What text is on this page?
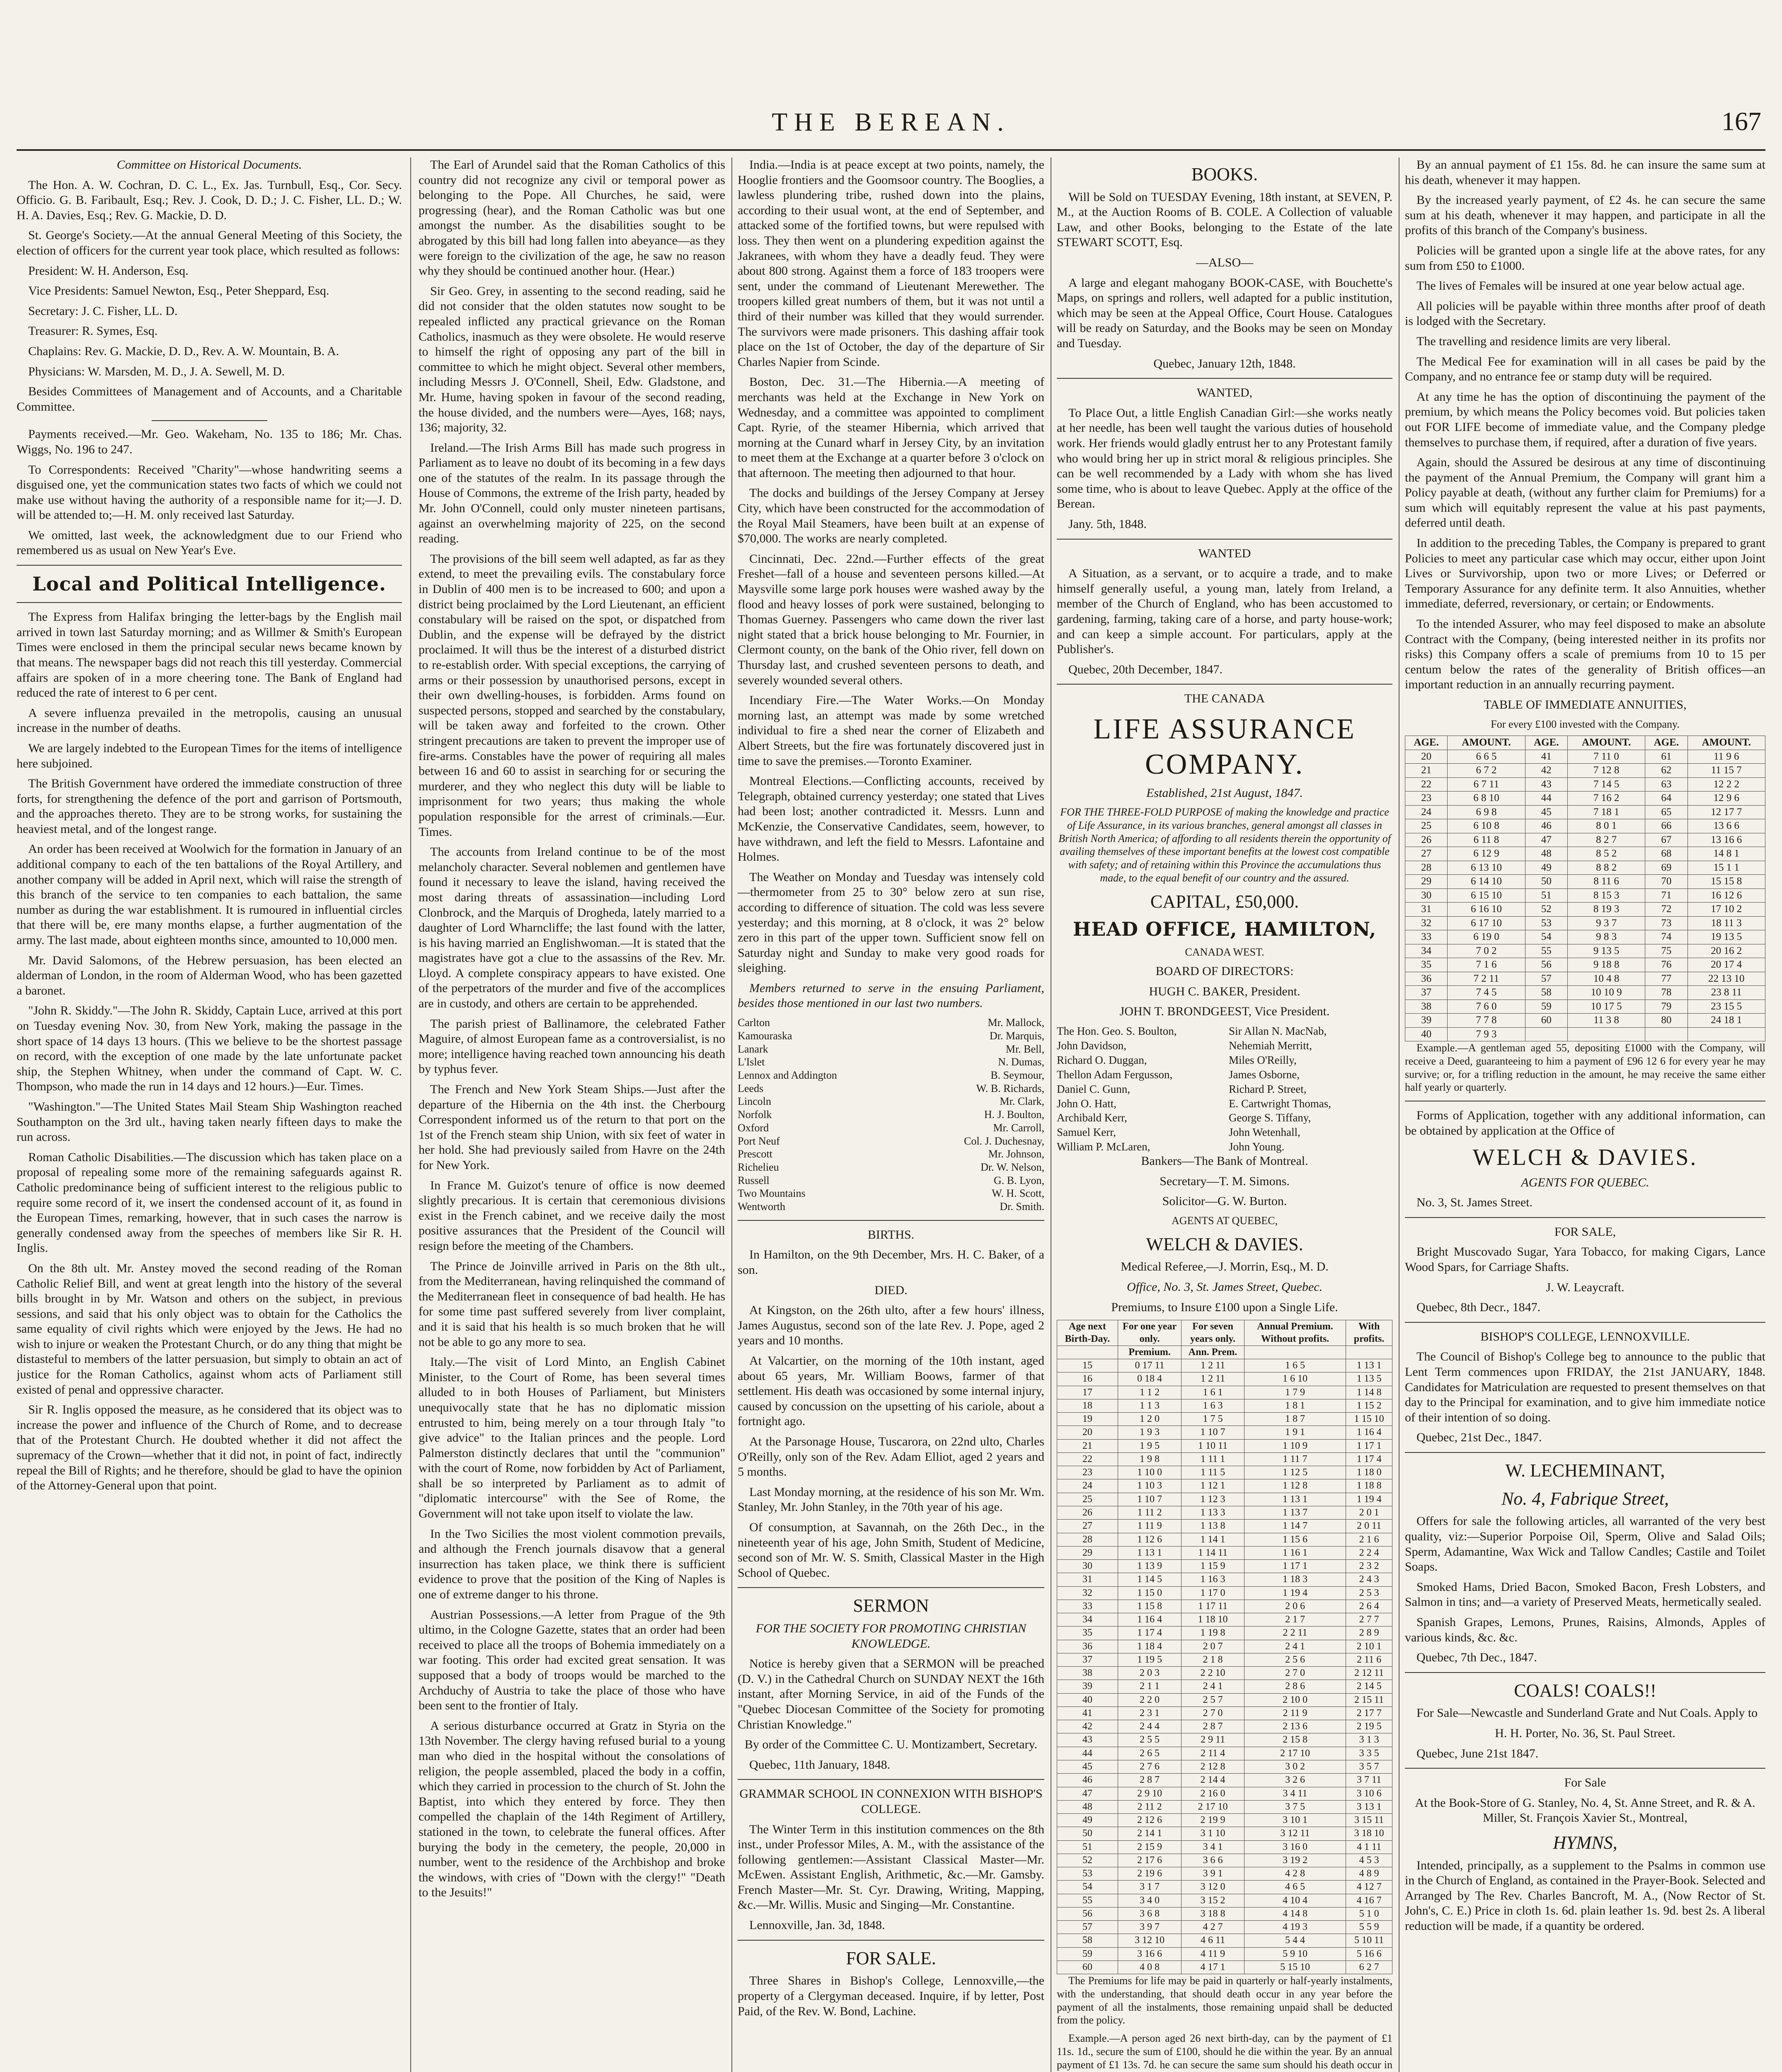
THE BEREAN.	167

Committee on Historical Documents.

The Hon. A. W. Cochran, D. C. L., Ex. Jas. Turnbull, Esq., Cor. Secy. Officio. G. B. Faribault, Esq.; Rev. J. Cook, D. D.; J. C. Fisher, LL. D.; W. H. A. Davies, Esq.; Rev. G. Mackie, D. D.

St. George's Society.—At the annual General Meeting of this Society, the election of officers for the current year took place, which resulted as follows:

President: W. H. Anderson, Esq.

Vice Presidents: Samuel Newton, Esq., Peter Sheppard, Esq.

Secretary: J. C. Fisher, LL. D.

Treasurer: R. Symes, Esq.

Chaplains: Rev. G. Mackie, D. D., Rev. A. W. Mountain, B. A.

Physicians: W. Marsden, M. D., J. A. Sewell, M. D.

Besides Committees of Management and of Accounts, and a Charitable Committee.

Payments received.—Mr. Geo. Wakeham, No. 135 to 186; Mr. Chas. Wiggs, No. 196 to 247.

To Correspondents: Received "Charity"—whose handwriting seems a disguised one, yet the communication states two facts of which we could not make use without having the authority of a responsible name for it;—J. D. will be attended to;—H. M. only received last Saturday.

We omitted, last week, the acknowledgment due to our Friend who remembered us as usual on New Year's Eve.

Local and Political Intelligence.

The Express from Halifax bringing the letter-bags by the English mail arrived in town last Saturday morning; and as Willmer & Smith's European Times were enclosed in them the principal secular news became known by that means. The newspaper bags did not reach this till yesterday. Commercial affairs are spoken of in a more cheering tone. The Bank of England had reduced the rate of interest to 6 per cent.

A severe influenza prevailed in the metropolis, causing an unusual increase in the number of deaths.

We are largely indebted to the European Times for the items of intelligence here subjoined.

The British Government have ordered the immediate construction of three forts, for strengthening the defence of the port and garrison of Portsmouth, and the approaches thereto. They are to be strong works, for sustaining the heaviest metal, and of the longest range.

An order has been received at Woolwich for the formation in January of an additional company to each of the ten battalions of the Royal Artillery, and another company will be added in April next, which will raise the strength of this branch of the service to ten companies to each battalion, the same number as during the war establishment. It is rumoured in influential circles that there will be, ere many months elapse, a further augmentation of the army. The last made, about eighteen months since, amounted to 10,000 men.

Mr. David Salomons, of the Hebrew persuasion, has been elected an alderman of London, in the room of Alderman Wood, who has been gazetted a baronet.

"John R. Skiddy."—The John R. Skiddy, Captain Luce, arrived at this port on Tuesday evening Nov. 30, from New York, making the passage in the short space of 14 days 13 hours. (This we believe to be the shortest passage on record, with the exception of one made by the late unfortunate packet ship, the Stephen Whitney, when under the command of Capt. W. C. Thompson, who made the run in 14 days and 12 hours.)—Eur. Times.

"Washington."—The United States Mail Steam Ship Washington reached Southampton on the 3rd ult., having taken nearly fifteen days to make the run across.

Roman Catholic Disabilities.—The discussion which has taken place on a proposal of repealing some more of the remaining safeguards against R. Catholic predominance being of sufficient interest to the religious public to require some record of it, we insert the condensed account of it, as found in the European Times, remarking, however, that in such cases the narrow is generally condensed away from the speeches of members like Sir R. H. Inglis.

On the 8th ult. Mr. Anstey moved the second reading of the Roman Catholic Relief Bill, and went at great length into the history of the several bills brought in by Mr. Watson and others on the subject, in previous sessions, and said that his only object was to obtain for the Catholics the same equality of civil rights which were enjoyed by the Jews. He had no wish to injure or weaken the Protestant Church, or do any thing that might be distasteful to members of the latter persuasion, but simply to obtain an act of justice for the Roman Catholics, against whom acts of Parliament still existed of penal and oppressive character.

Sir R. Inglis opposed the measure, as he considered that its object was to increase the power and influence of the Church of Rome, and to decrease that of the Protestant Church. He doubted whether it did not affect the supremacy of the Crown—whether that it did not, in point of fact, indirectly repeal the Bill of Rights; and he therefore, should be glad to have the opinion of the Attorney-General upon that point.

The Earl of Arundel said that the Roman Catholics of this country did not recognize any civil or temporal power as belonging to the Pope. All Churches, he said, were progressing (hear), and the Roman Catholic was but one amongst the number. As the disabilities sought to be abrogated by this bill had long fallen into abeyance—as they were foreign to the civilization of the age, he saw no reason why they should be continued another hour. (Hear.)

Sir Geo. Grey, in assenting to the second reading, said he did not consider that the olden statutes now sought to be repealed inflicted any practical grievance on the Roman Catholics, inasmuch as they were obsolete. He would reserve to himself the right of opposing any part of the bill in committee to which he might object. Several other members, including Messrs J. O'Connell, Sheil, Edw. Gladstone, and Mr. Hume, having spoken in favour of the second reading, the house divided, and the numbers were—Ayes, 168; nays, 136; majority, 32.

Ireland.—The Irish Arms Bill has made such progress in Parliament as to leave no doubt of its becoming in a few days one of the statutes of the realm. In its passage through the House of Commons, the extreme of the Irish party, headed by Mr. John O'Connell, could only muster nineteen partisans, against an overwhelming majority of 225, on the second reading.

The provisions of the bill seem well adapted, as far as they extend, to meet the prevailing evils. The constabulary force in Dublin of 400 men is to be increased to 600; and upon a district being proclaimed by the Lord Lieutenant, an efficient constabulary will be raised on the spot, or dispatched from Dublin, and the expense will be defrayed by the district proclaimed. It will thus be the interest of a disturbed district to re-establish order. With special exceptions, the carrying of arms or their possession by unauthorised persons, except in their own dwelling-houses, is forbidden. Arms found on suspected persons, stopped and searched by the constabulary, will be taken away and forfeited to the crown. Other stringent precautions are taken to prevent the improper use of fire-arms. Constables have the power of requiring all males between 16 and 60 to assist in searching for or securing the murderer, and they who neglect this duty will be liable to imprisonment for two years; thus making the whole population responsible for the arrest of criminals.—Eur. Times.

The accounts from Ireland continue to be of the most melancholy character. Several noblemen and gentlemen have found it necessary to leave the island, having received the most daring threats of assassination—including Lord Clonbrock, and the Marquis of Drogheda, lately married to a daughter of Lord Wharncliffe; the last found with the latter, is his having married an Englishwoman.—It is stated that the magistrates have got a clue to the assassins of the Rev. Mr. Lloyd. A complete conspiracy appears to have existed. One of the perpetrators of the murder and five of the accomplices are in custody, and others are certain to be apprehended.

The parish priest of Ballinamore, the celebrated Father Maguire, of almost European fame as a controversialist, is no more; intelligence having reached town announcing his death by typhus fever.

The French and New York Steam Ships.—Just after the departure of the Hibernia on the 4th inst. the Cherbourg Correspondent informed us of the return to that port on the 1st of the French steam ship Union, with six feet of water in her hold. She had previously sailed from Havre on the 24th for New York.

In France M. Guizot's tenure of office is now deemed slightly precarious. It is certain that ceremonious divisions exist in the French cabinet, and we receive daily the most positive assurances that the President of the Council will resign before the meeting of the Chambers.

The Prince de Joinville arrived in Paris on the 8th ult., from the Mediterranean, having relinquished the command of the Mediterranean fleet in consequence of bad health. He has for some time past suffered severely from liver complaint, and it is said that his health is so much broken that he will not be able to go any more to sea.

Italy.—The visit of Lord Minto, an English Cabinet Minister, to the Court of Rome, has been several times alluded to in both Houses of Parliament, but Ministers unequivocally state that he has no diplomatic mission entrusted to him, being merely on a tour through Italy "to give advice" to the Italian princes and the people. Lord Palmerston distinctly declares that until the "communion" with the court of Rome, now forbidden by Act of Parliament, shall be so interpreted by Parliament as to admit of "diplomatic intercourse" with the See of Rome, the Government will not take upon itself to violate the law.

In the Two Sicilies the most violent commotion prevails, and although the French journals disavow that a general insurrection has taken place, we think there is sufficient evidence to prove that the position of the King of Naples is one of extreme danger to his throne.

Austrian Possessions.—A letter from Prague of the 9th ultimo, in the Cologne Gazette, states that an order had been received to place all the troops of Bohemia immediately on a war footing. This order had excited great sensation. It was supposed that a body of troops would be marched to the Archduchy of Austria to take the place of those who have been sent to the frontier of Italy.

A serious disturbance occurred at Gratz in Styria on the 13th November. The clergy having refused burial to a young man who died in the hospital without the consolations of religion, the people assembled, placed the body in a coffin, which they carried in procession to the church of St. John the Baptist, into which they entered by force. They then compelled the chaplain of the 14th Regiment of Artillery, stationed in the town, to celebrate the funeral offices. After burying the body in the cemetery, the people, 20,000 in number, went to the residence of the Archbishop and broke the windows, with cries of "Down with the clergy!" "Death to the Jesuits!"

India.—India is at peace except at two points, namely, the Hooglie frontiers and the Goomsoor country. The Booglies, a lawless plundering tribe, rushed down into the plains, according to their usual wont, at the end of September, and attacked some of the fortified towns, but were repulsed with loss. They then went on a plundering expedition against the Jakranees, with whom they have a deadly feud. They were about 800 strong. Against them a force of 183 troopers were sent, under the command of Lieutenant Merewether. The troopers killed great numbers of them, but it was not until a third of their number was killed that they would surrender. The survivors were made prisoners. This dashing affair took place on the 1st of October, the day of the departure of Sir Charles Napier from Scinde.

Boston, Dec. 31.—The Hibernia.—A meeting of merchants was held at the Exchange in New York on Wednesday, and a committee was appointed to compliment Capt. Ryrie, of the steamer Hibernia, which arrived that morning at the Cunard wharf in Jersey City, by an invitation to meet them at the Exchange at a quarter before 3 o'clock on that afternoon. The meeting then adjourned to that hour.

The docks and buildings of the Jersey Company at Jersey City, which have been constructed for the accommodation of the Royal Mail Steamers, have been built at an expense of $70,000. The works are nearly completed.

Cincinnati, Dec. 22nd.—Further effects of the great Freshet—fall of a house and seventeen persons killed.—At Maysville some large pork houses were washed away by the flood and heavy losses of pork were sustained, belonging to Thomas Guerney. Passengers who came down the river last night stated that a brick house belonging to Mr. Fournier, in Clermont county, on the bank of the Ohio river, fell down on Thursday last, and crushed seventeen persons to death, and severely wounded several others.

Incendiary Fire.—The Water Works.—On Monday morning last, an attempt was made by some wretched individual to fire a shed near the corner of Elizabeth and Albert Streets, but the fire was fortunately discovered just in time to save the premises.—Toronto Examiner.

Montreal Elections.—Conflicting accounts, received by Telegraph, obtained currency yesterday; one stated that Lives had been lost; another contradicted it. Messrs. Lunn and McKenzie, the Conservative Candidates, seem, however, to have withdrawn, and left the field to Messrs. Lafontaine and Holmes.

The Weather on Monday and Tuesday was intensely cold—thermometer from 25 to 30° below zero at sun rise, according to difference of situation. The cold was less severe yesterday; and this morning, at 8 o'clock, it was 2° below zero in this part of the upper town. Sufficient snow fell on Saturday night and Sunday to make very good roads for sleighing.

Members returned to serve in the ensuing Parliament, besides those mentioned in our last two numbers.

Carlton	Mr. Mallock,
Kamouraska	Dr. Marquis,
Lanark	Mr. Bell,
L'Islet	N. Dumas,
Lennox and Addington	B. Seymour,
Leeds	W. B. Richards,
Lincoln	Mr. Clark,
Norfolk	H. J. Boulton,
Oxford	Mr. Carroll,
Port Neuf	Col. J. Duchesnay,
Prescott	Mr. Johnson,
Richelieu	Dr. W. Nelson,
Russell	G. B. Lyon,
Two Mountains	W. H. Scott,
Wentworth	Dr. Smith.

BIRTHS.

In Hamilton, on the 9th December, Mrs. H. C. Baker, of a son.

DIED.

At Kingston, on the 26th ulto, after a few hours' illness, James Augustus, second son of the late Rev. J. Pope, aged 2 years and 10 months.

At Valcartier, on the morning of the 10th instant, aged about 65 years, Mr. William Boows, farmer of that settlement. His death was occasioned by some internal injury, caused by concussion on the upsetting of his cariole, about a fortnight ago.

At the Parsonage House, Tuscarora, on 22nd ulto, Charles O'Reilly, only son of the Rev. Adam Elliot, aged 2 years and 5 months.

Last Monday morning, at the residence of his son Mr. Wm. Stanley, Mr. John Stanley, in the 70th year of his age.

Of consumption, at Savannah, on the 26th Dec., in the nineteenth year of his age, John Smith, Student of Medicine, second son of Mr. W. S. Smith, Classical Master in the High School of Quebec.

SERMON

FOR THE SOCIETY FOR PROMOTING CHRISTIAN KNOWLEDGE.

Notice is hereby given that a SERMON will be preached (D. V.) in the Cathedral Church on SUNDAY NEXT the 16th instant, after Morning Service, in aid of the Funds of the "Quebec Diocesan Committee of the Society for promoting Christian Knowledge."

By order of the Committee C. U. Montizambert, Secretary.

Quebec, 11th January, 1848.

GRAMMAR SCHOOL IN CONNEXION WITH BISHOP'S COLLEGE.

The Winter Term in this institution commences on the 8th inst., under Professor Miles, A. M., with the assistance of the following gentlemen:—Assistant Classical Master—Mr. McEwen. Assistant English, Arithmetic, &c.—Mr. Gamsby. French Master—Mr. St. Cyr. Drawing, Writing, Mapping, &c.—Mr. Willis. Music and Singing—Mr. Constantine.

Lennoxville, Jan. 3d, 1848.

FOR SALE.

Three Shares in Bishop's College, Lennoxville,—the property of a Clergyman deceased. Inquire, if by letter, Post Paid, of the Rev. W. Bond, Lachine.

BOOKS.

Will be Sold on TUESDAY Evening, 18th instant, at SEVEN, P. M., at the Auction Rooms of B. COLE. A Collection of valuable Law, and other Books, belonging to the Estate of the late STEWART SCOTT, Esq.

—ALSO—

A large and elegant mahogany BOOK-CASE, with Bouchette's Maps, on springs and rollers, well adapted for a public institution, which may be seen at the Appeal Office, Court House. Catalogues will be ready on Saturday, and the Books may be seen on Monday and Tuesday.

Quebec, January 12th, 1848.

WANTED,

To Place Out, a little English Canadian Girl:—she works neatly at her needle, has been well taught the various duties of household work. Her friends would gladly entrust her to any Protestant family who would bring her up in strict moral & religious principles. She can be well recommended by a Lady with whom she has lived some time, who is about to leave Quebec. Apply at the office of the Berean.

Jany. 5th, 1848.

WANTED

A Situation, as a servant, or to acquire a trade, and to make himself generally useful, a young man, lately from Ireland, a member of the Church of England, who has been accustomed to gardening, farming, taking care of a horse, and party house-work; and can keep a simple account. For particulars, apply at the Publisher's.

Quebec, 20th December, 1847.

THE CANADA

LIFE ASSURANCE COMPANY.

Established, 21st August, 1847.

FOR THE THREE-FOLD PURPOSE of making the knowledge and practice of Life Assurance, in its various branches, general amongst all classes in British North America; of affording to all residents therein the opportunity of availing themselves of these important benefits at the lowest cost compatible with safety; and of retaining within this Province the accumulations thus made, to the equal benefit of our country and the assured.

CAPITAL, £50,000.
HEAD OFFICE, HAMILTON,

CANADA WEST.

BOARD OF DIRECTORS:

HUGH C. BAKER, President.

JOHN T. BRONDGEEST, Vice President.

The Hon. Geo. S. Boulton,	Sir Allan N. MacNab,
John Davidson,	Nehemiah Merritt,
Richard O. Duggan,	Miles O'Reilly,
Thellon Adam Fergusson,	James Osborne,
Daniel C. Gunn,	Richard P. Street,
John O. Hatt,	E. Cartwright Thomas,
Archibald Kerr,	George S. Tiffany,
Samuel Kerr,	John Wetenhall,
William P. McLaren,	John Young.

Bankers—The Bank of Montreal.

Secretary—T. M. Simons.

Solicitor—G. W. Burton.

AGENTS AT QUEBEC,

WELCH & DAVIES.

Medical Referee,—J. Morrin, Esq., M. D.

Office, No. 3, St. James Street, Quebec.

Premiums, to Insure £100 upon a Single Life.

Age next Birth-Day.	For one year only.	For seven years only.	Annual Premium. Without profits.	With profits.
	Premium.	Ann. Prem.		
15	0 17 11	1 2 11	1 6 5	1 13 1
16	0 18 4	1 2 11	1 6 10	1 13 5
17	1 1 2	1 6 1	1 7 9	1 14 8
18	1 1 3	1 6 3	1 8 1	1 15 2
19	1 2 0	1 7 5	1 8 7	1 15 10
20	1 9 3	1 10 7	1 9 1	1 16 4
21	1 9 5	1 10 11	1 10 9	1 17 1
22	1 9 8	1 11 1	1 11 7	1 17 4
23	1 10 0	1 11 5	1 12 5	1 18 0
24	1 10 3	1 12 1	1 12 8	1 18 8
25	1 10 7	1 12 3	1 13 1	1 19 4
26	1 11 2	1 13 3	1 13 7	2 0 1
27	1 11 9	1 13 8	1 14 7	2 0 11
28	1 12 6	1 14 1	1 15 6	2 1 6
29	1 13 1	1 14 11	1 16 1	2 2 4
30	1 13 9	1 15 9	1 17 1	2 3 2
31	1 14 5	1 16 3	1 18 3	2 4 3
32	1 15 0	1 17 0	1 19 4	2 5 3
33	1 15 8	1 17 11	2 0 6	2 6 4
34	1 16 4	1 18 10	2 1 7	2 7 7
35	1 17 4	1 19 8	2 2 11	2 8 9
36	1 18 4	2 0 7	2 4 1	2 10 1
37	1 19 5	2 1 8	2 5 6	2 11 6
38	2 0 3	2 2 10	2 7 0	2 12 11
39	2 1 1	2 4 1	2 8 6	2 14 5
40	2 2 0	2 5 7	2 10 0	2 15 11
41	2 3 1	2 7 0	2 11 9	2 17 7
42	2 4 4	2 8 7	2 13 6	2 19 5
43	2 5 5	2 9 11	2 15 8	3 1 3
44	2 6 5	2 11 4	2 17 10	3 3 5
45	2 7 6	2 12 8	3 0 2	3 5 7
46	2 8 7	2 14 4	3 2 6	3 7 11
47	2 9 10	2 16 0	3 4 11	3 10 6
48	2 11 2	2 17 10	3 7 5	3 13 1
49	2 12 6	2 19 9	3 10 1	3 15 11
50	2 14 1	3 1 10	3 12 11	3 18 10
51	2 15 9	3 4 1	3 16 0	4 1 11
52	2 17 6	3 6 6	3 19 2	4 5 3
53	2 19 6	3 9 1	4 2 8	4 8 9
54	3 1 7	3 12 0	4 6 5	4 12 7
55	3 4 0	3 15 2	4 10 4	4 16 7
56	3 6 8	3 18 8	4 14 8	5 1 0
57	3 9 7	4 2 7	4 19 3	5 5 9
58	3 12 10	4 6 11	5 4 4	5 10 11
59	3 16 6	4 11 9	5 9 10	5 16 6
60	4 0 8	4 17 1	5 15 10	6 2 7

The Premiums for life may be paid in quarterly or half-yearly instalments, with the understanding, that should death occur in any year before the payment of all the instalments, those remaining unpaid shall be deducted from the policy.

Example.—A person aged 26 next birth-day, can by the payment of £1 11s. 1d., secure the sum of £100, should he die within the year. By an annual payment of £1 13s. 7d. he can secure the same sum should his death occur in

By an annual payment of £1 15s. 8d. he can insure the same sum at his death, whenever it may happen.

By the increased yearly payment, of £2 4s. he can secure the same sum at his death, whenever it may happen, and participate in all the profits of this branch of the Company's business.

Policies will be granted upon a single life at the above rates, for any sum from £50 to £1000.

The lives of Females will be insured at one year below actual age.

All policies will be payable within three months after proof of death is lodged with the Secretary.

The travelling and residence limits are very liberal.

The Medical Fee for examination will in all cases be paid by the Company, and no entrance fee or stamp duty will be required.

At any time he has the option of discontinuing the payment of the premium, by which means the Policy becomes void. But policies taken out FOR LIFE become of immediate value, and the Company pledge themselves to purchase them, if required, after a duration of five years.

Again, should the Assured be desirous at any time of discontinuing the payment of the Annual Premium, the Company will grant him a Policy payable at death, (without any further claim for Premiums) for a sum which will equitably represent the value at his past payments, deferred until death.

In addition to the preceding Tables, the Company is prepared to grant Policies to meet any particular case which may occur, either upon Joint Lives or Survivorship, upon two or more Lives; or Deferred or Temporary Assurance for any definite term. It also Annuities, whether immediate, deferred, reversionary, or certain; or Endowments.

To the intended Assurer, who may feel disposed to make an absolute Contract with the Company, (being interested neither in its profits nor risks) this Company offers a scale of premiums from 10 to 15 per centum below the rates of the generality of British offices—an important reduction in an annually recurring payment.

TABLE OF IMMEDIATE ANNUITIES,

For every £100 invested with the Company.

AGE.	AMOUNT.	AGE.	AMOUNT.	AGE.	AMOUNT.
20	6 6 5	41	7 11 0	61	11 9 6
21	6 7 2	42	7 12 8	62	11 15 7
22	6 7 11	43	7 14 5	63	12 2 2
23	6 8 10	44	7 16 2	64	12 9 6
24	6 9 8	45	7 18 1	65	12 17 7
25	6 10 8	46	8 0 1	66	13 6 6
26	6 11 8	47	8 2 7	67	13 16 6
27	6 12 9	48	8 5 2	68	14 8 1
28	6 13 10	49	8 8 2	69	15 1 1
29	6 14 10	50	8 11 6	70	15 15 8
30	6 15 10	51	8 15 3	71	16 12 6
31	6 16 10	52	8 19 3	72	17 10 2
32	6 17 10	53	9 3 7	73	18 11 3
33	6 19 0	54	9 8 3	74	19 13 5
34	7 0 2	55	9 13 5	75	20 16 2
35	7 1 6	56	9 18 8	76	20 17 4
36	7 2 11	57	10 4 8	77	22 13 10
37	7 4 5	58	10 10 9	78	23 8 11
38	7 6 0	59	10 17 5	79	23 15 5
39	7 7 8	60	11 3 8	80	24 18 1
40	7 9 3				

Example.—A gentleman aged 55, depositing £1000 with the Company, will receive a Deed, guaranteeing to him a payment of £96 12 6 for every year he may survive; or, for a trifling reduction in the amount, he may receive the same either half yearly or quarterly.

Forms of Application, together with any additional information, can be obtained by application at the Office of

WELCH & DAVIES.

AGENTS FOR QUEBEC.

No. 3, St. James Street.

FOR SALE,

Bright Muscovado Sugar, Yara Tobacco, for making Cigars, Lance Wood Spars, for Carriage Shafts.

J. W. Leaycraft.

Quebec, 8th Decr., 1847.

BISHOP'S COLLEGE, LENNOXVILLE.

The Council of Bishop's College beg to announce to the public that Lent Term commences upon FRIDAY, the 21st JANUARY, 1848. Candidates for Matriculation are requested to present themselves on that day to the Principal for examination, and to give him immediate notice of their intention of so doing.

Quebec, 21st Dec., 1847.

W. LECHEMINANT,
No. 4, Fabrique Street,

Offers for sale the following articles, all warranted of the very best quality, viz:—Superior Porpoise Oil, Sperm, Olive and Salad Oils; Sperm, Adamantine, Wax Wick and Tallow Candles; Castile and Toilet Soaps.

Smoked Hams, Dried Bacon, Smoked Bacon, Fresh Lobsters, and Salmon in tins; and—a variety of Preserved Meats, hermetically sealed.

Spanish Grapes, Lemons, Prunes, Raisins, Almonds, Apples of various kinds, &c. &c.

Quebec, 7th Dec., 1847.

COALS! COALS!!

For Sale—Newcastle and Sunderland Grate and Nut Coals. Apply to

H. H. Porter, No. 36, St. Paul Street.

Quebec, June 21st 1847.

For Sale

At the Book-Store of G. Stanley, No. 4, St. Anne Street, and R. & A. Miller, St. François Xavier St., Montreal,

HYMNS,

Intended, principally, as a supplement to the Psalms in common use in the Church of England, as contained in the Prayer-Book. Selected and Arranged by The Rev. Charles Bancroft, M. A., (Now Rector of St. John's, C. E.) Price in cloth 1s. 6d. plain leather 1s. 9d. best 2s. A liberal reduction will be made, if a quantity be ordered.
